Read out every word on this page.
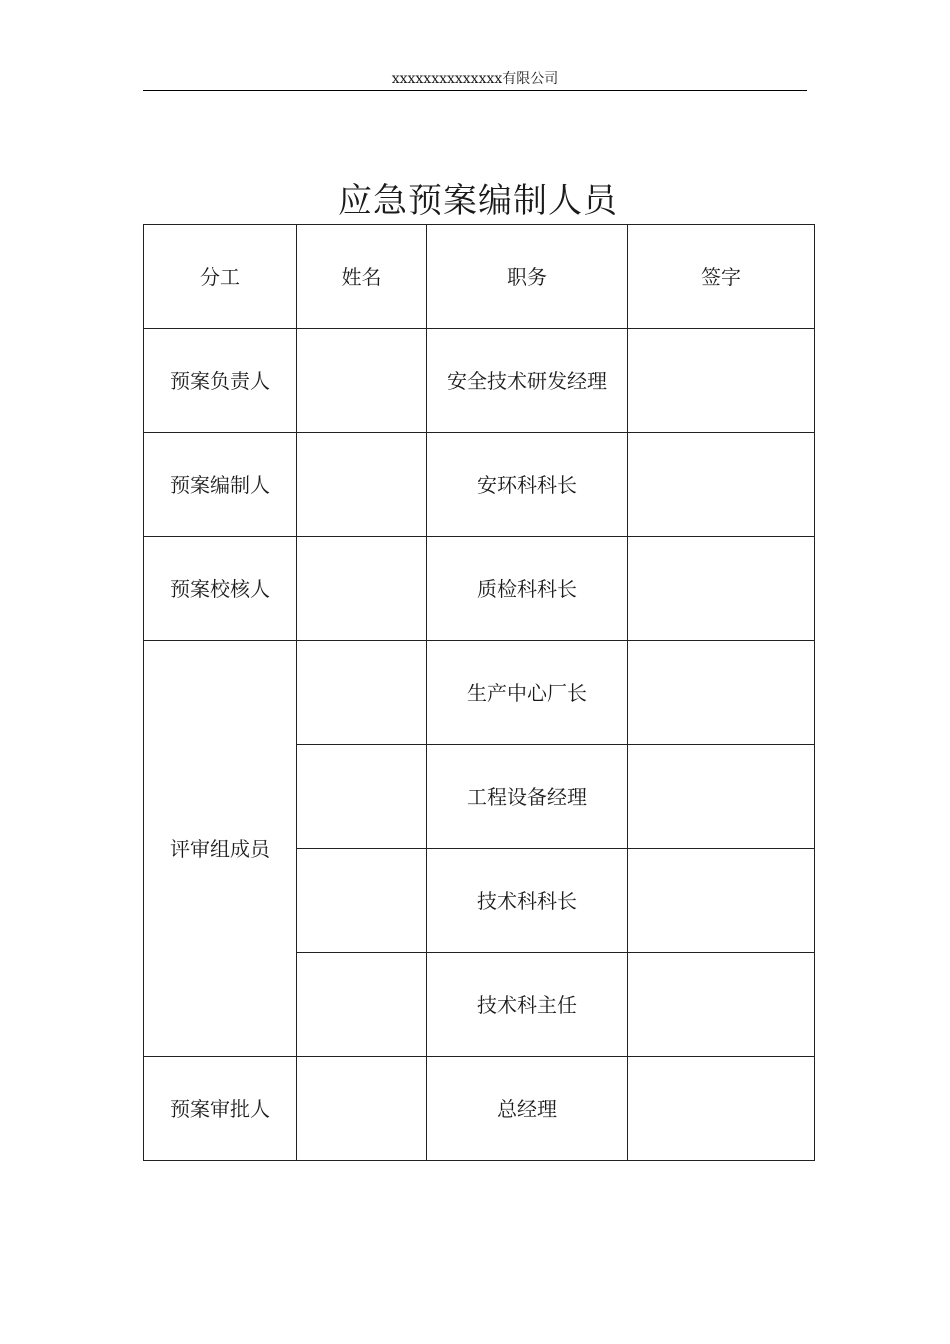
xxxxxxxxxxxxxx有限公司
应急预案编制人员
分工	姓名	职务	签字
预案负责人		安全技术研发经理	
预案编制人		安环科科长	
预案校核人		质检科科长	
评审组成员		生产中心厂长	
		工程设备经理	
		技术科科长	
		技术科主任	
预案审批人		总经理	
